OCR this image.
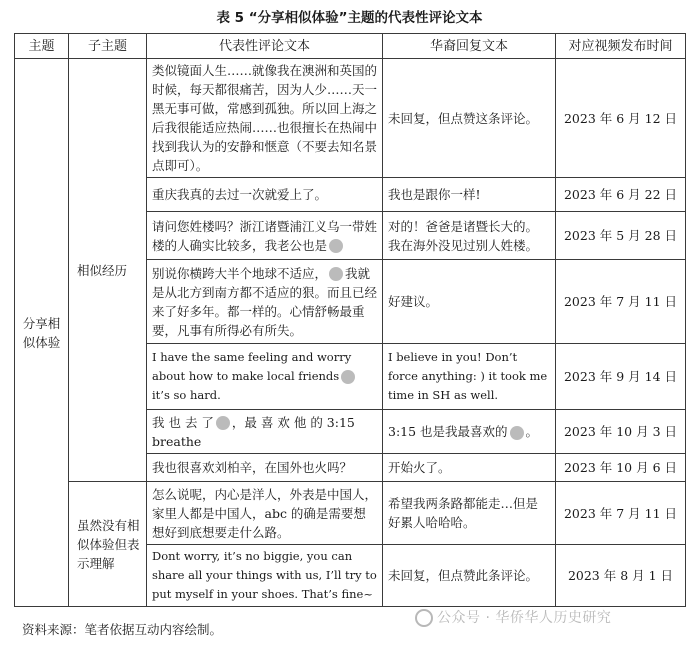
表 5 “分享相似体验”主题的代表性评论文本
主题	子主题	代表性评论文本	华裔回复文本	对应视频发布时间
分享相似体验	相似经历	类似镜面人生……就像我在澳洲和英国的时候，每天都很痛苦，因为人少……天一黑无事可做，常感到孤独。所以回上海之后我很能适应热闹……也很擅长在热闹中找到我认为的安静和惬意（不要去知名景点即可）。	未回复，但点赞这条评论。	2023 年 6 月 12 日
		重庆我真的去过一次就爱上了。	我也是跟你一样!	2023 年 6 月 22 日
		请问您姓楼吗？浙江诸暨浦江义乌一带姓楼的人确实比较多，我老公也是	对的！爸爸是诸暨长大的。我在海外没见过别人姓楼。	2023 年 5 月 28 日
		别说你横跨大半个地球不适应， 我就是从北方到南方都不适应的狠。而且已经来了好多年。都一样的。心情舒畅最重要，凡事有所得必有所失。	好建议。	2023 年 7 月 11 日
		I have the same feeling and worry about how to make local friends it’s so hard.	I believe in you! Don’t force anything: ) it took me time in SH as well.	2023 年 9 月 14 日
		我 也 去 了 ，最 喜 欢 他 的 3:15 breathe	3:15 也是我最喜欢的 。	2023 年 10 月 3 日
		我也很喜欢刘柏辛，在国外也火吗？	开始火了。	2023 年 10 月 6 日
	虽然没有相似体验但表示理解	怎么说呢，内心是洋人，外表是中国人，家里人都是中国人，abc 的确是需要想想好到底想要走什么路。	希望我两条路都能走…但是好累人哈哈哈。	2023 年 7 月 11 日
		Dont worry, it’s no biggie, you can share all your things with us, I’ll try to put myself in your shoes. That’s fine~	未回复，但点赞此条评论。	2023 年 8 月 1 日
公众号 · 华侨华人历史研究
资料来源：笔者依据互动内容绘制。
